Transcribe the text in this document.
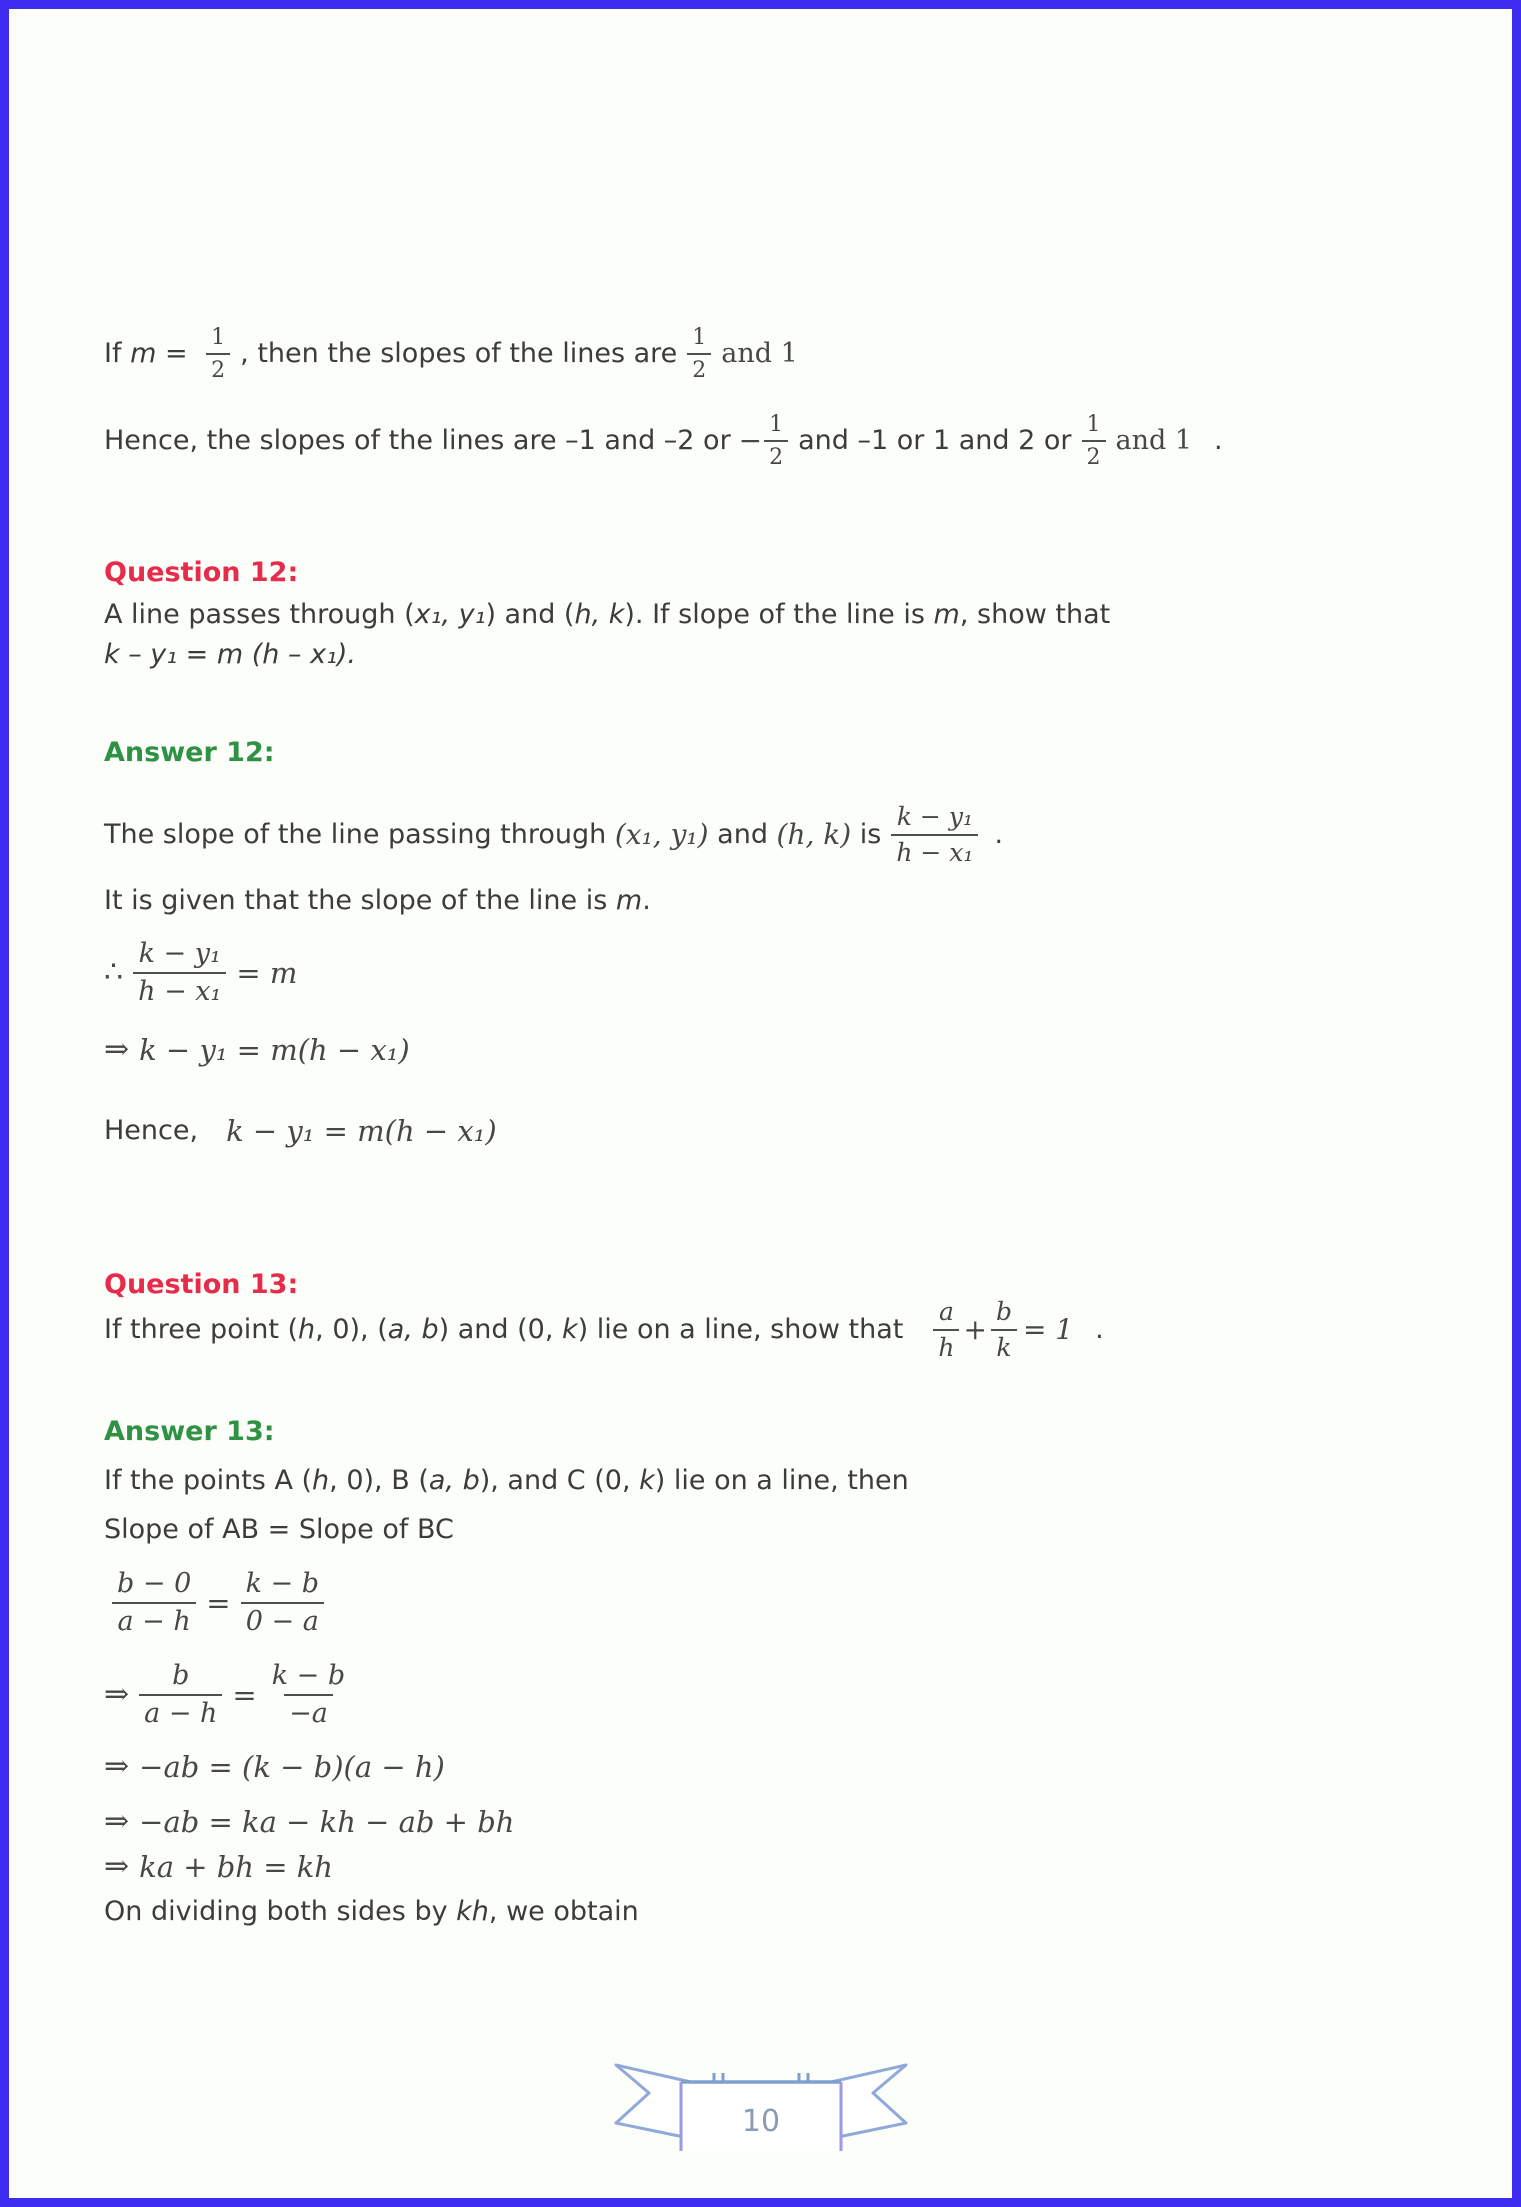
If $m = \frac{1}{2}$ , then the slopes of the lines are $\frac{1}{2}$ and 1
Hence, the slopes of the lines are –1 and –2 or − $\frac{1}{2}$ and –1 or 1 and 2 or $\frac{1}{2}$ and 1 .
Question 12:
A line passes through ( x₁, y₁ ) and ( h, k ). If slope of the line is m , show that
k – y₁ = m (h – x₁).
Answer 12:
The slope of the line passing through (x₁, y₁) and (h, k) is $\frac{\text{k − y₁}}{\text{h − x₁}}$ .
It is given that the slope of the line is m .
∴ $\frac{\text{k − y₁}}{\text{h − x₁}} = m$
⇒ k − y₁ = m(h − x₁)
Hence, k − y₁ = m(h − x₁)
Question 13:
If three point ( h , 0), ( a, b ) and (0, k ) lie on a line, show that $\frac{a}{h} + \frac{b}{k} = 1$ .
Answer 13:
If the points A ( h , 0), B ( a, b ), and C (0, k ) lie on a line, then
Slope of AB = Slope of BC
$\frac{b - 0}{a - h} = \frac{k - b}{0 - a}$
⇒ $\frac{b}{a - h} = \frac{k - b}{-a}$
⇒ −ab = (k − b)(a − h)
⇒ −ab = ka − kh − ab + bh
⇒ ka + bh = kh
On dividing both sides by kh , we obtain
10
